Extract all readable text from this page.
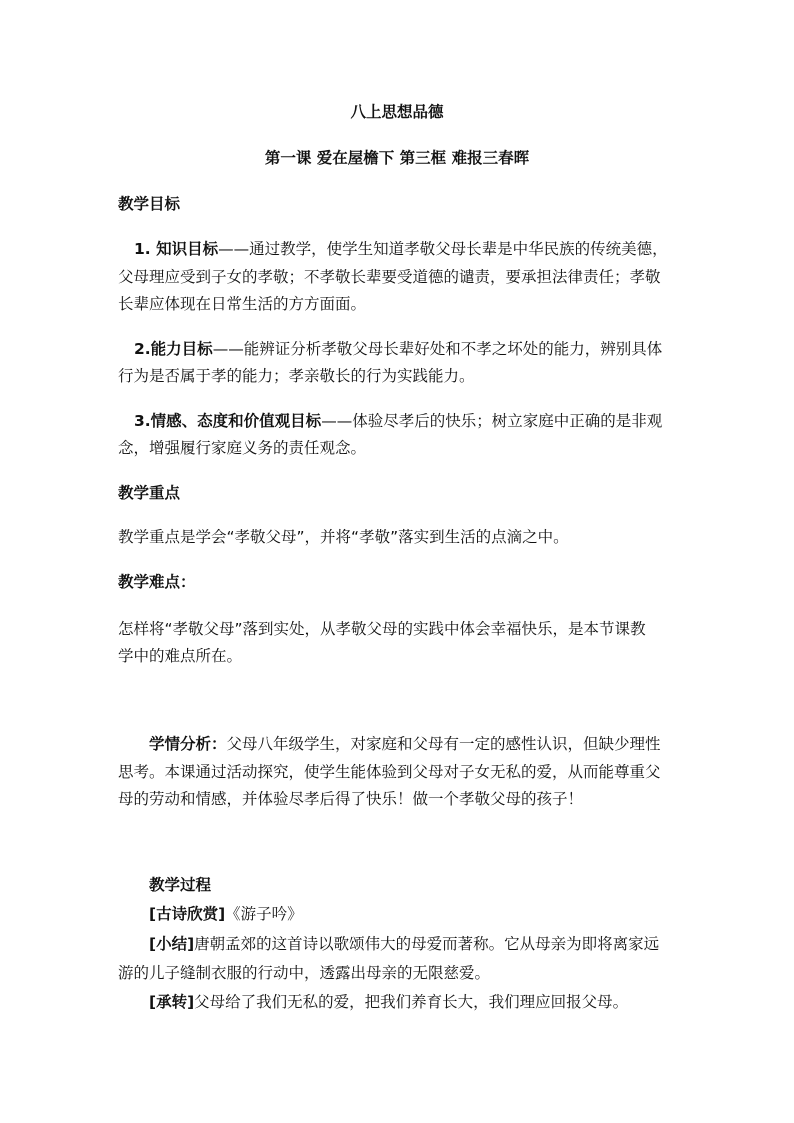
八上思想品德
第一课 爱在屋檐下 第三框 难报三春晖
教学目标
1. 知识目标——通过教学，使学生知道孝敬父母长辈是中华民族的传统美德，
父母理应受到子女的孝敬；不孝敬长辈要受道德的谴责，要承担法律责任；孝敬
长辈应体现在日常生活的方方面面。
2.能力目标——能辨证分析孝敬父母长辈好处和不孝之坏处的能力，辨别具体
行为是否属于孝的能力；孝亲敬长的行为实践能力。
3.情感、态度和价值观目标——体验尽孝后的快乐；树立家庭中正确的是非观
念，增强履行家庭义务的责任观念。
教学重点
教学重点是学会“孝敬父母”，并将“孝敬”落实到生活的点滴之中。
教学难点：
怎样将“孝敬父母”落到实处，从孝敬父母的实践中体会幸福快乐，是本节课教
学中的难点所在。
学情分析：父母八年级学生，对家庭和父母有一定的感性认识，但缺少理性
思考。本课通过活动探究，使学生能体验到父母对子女无私的爱，从而能尊重父
母的劳动和情感，并体验尽孝后得了快乐！做一个孝敬父母的孩子！
教学过程
[古诗欣赏]《游子吟》
[小结]唐朝孟郊的这首诗以歌颂伟大的母爱而著称。它从母亲为即将离家远
游的儿子缝制衣服的行动中，透露出母亲的无限慈爱。
[承转]父母给了我们无私的爱，把我们养育长大，我们理应回报父母。
